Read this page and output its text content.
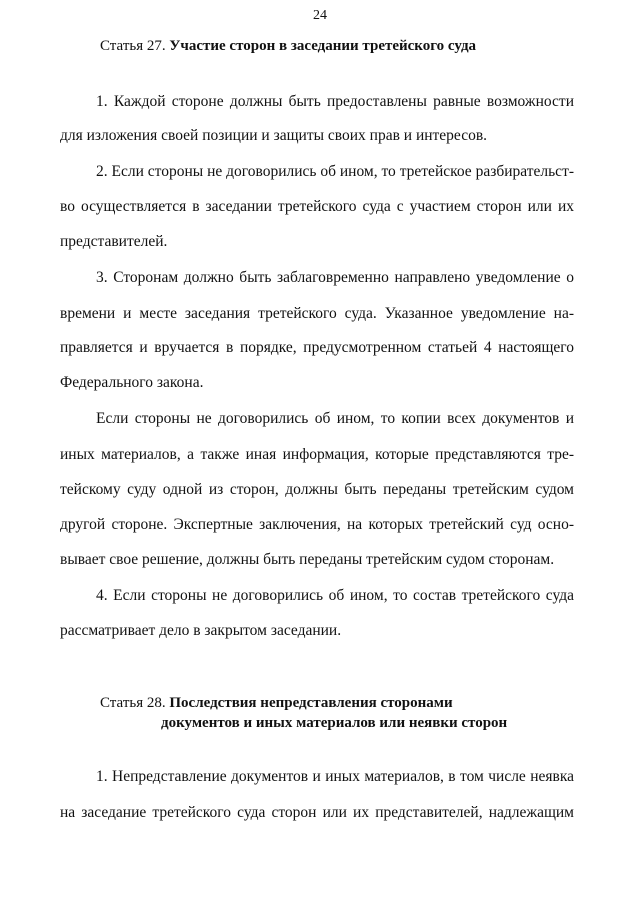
24
Статья 27. Участие сторон в заседании третейского суда
1. Каждой стороне должны быть предоставлены равные возможности
для изложения своей позиции и защиты своих прав и интересов.
2. Если стороны не договорились об ином, то третейское разбирательст-
во осуществляется в заседании третейского суда с участием сторон или их
представителей.
3. Сторонам должно быть заблаговременно направлено уведомление о
времени и месте заседания третейского суда. Указанное уведомление на-
правляется и вручается в порядке, предусмотренном статьей 4 настоящего
Федерального закона.
Если стороны не договорились об ином, то копии всех документов и
иных материалов, а также иная информация, которые представляются тре-
тейскому суду одной из сторон, должны быть переданы третейским судом
другой стороне. Экспертные заключения, на которых третейский суд осно-
вывает свое решение, должны быть переданы третейским судом сторонам.
4. Если стороны не договорились об ином, то состав третейского суда
рассматривает дело в закрытом заседании.
Статья 28. Последствия непредставления сторонами
документов и иных материалов или неявки сторон
1. Непредставление документов и иных материалов, в том числе неявка
на заседание третейского суда сторон или их представителей, надлежащим
